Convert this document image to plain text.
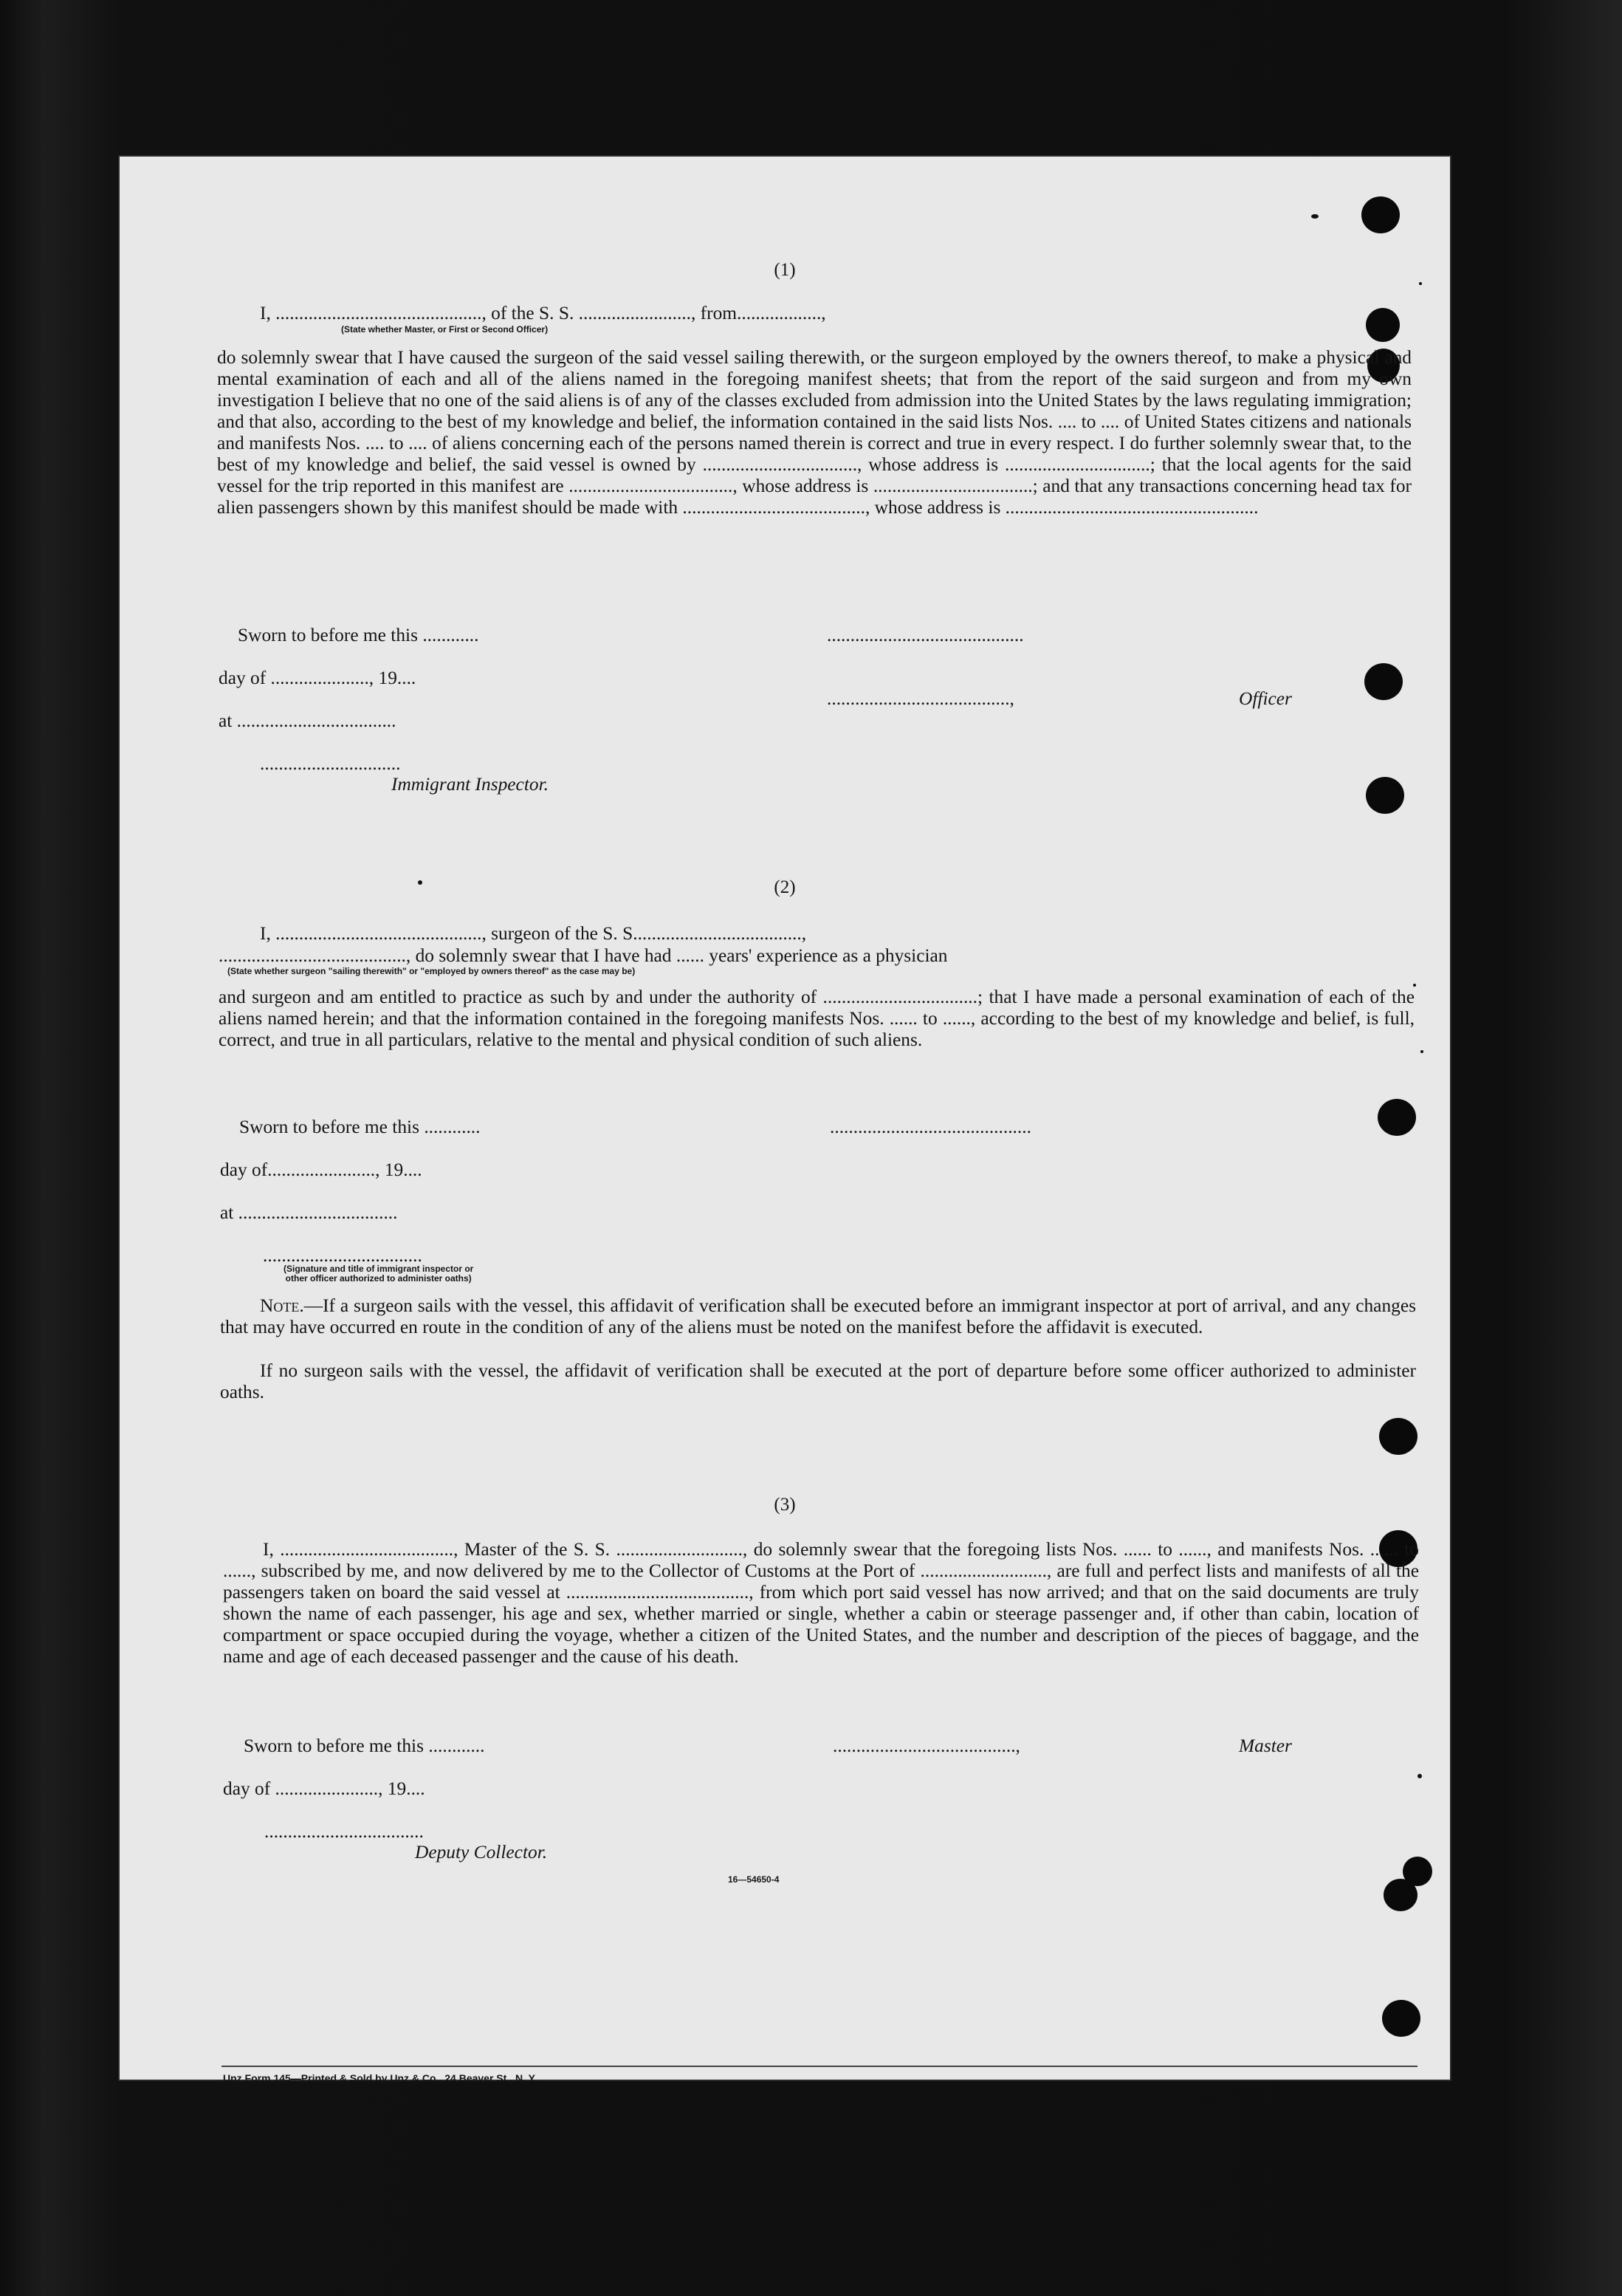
(1)
I, ............................................, of the S. S. ........................, from..................,
(State whether Master, or First or Second Officer)
do solemnly swear that I have caused the surgeon of the said vessel sailing therewith, or the surgeon employed by the owners thereof, to make a physical and mental examination of each and all of the aliens named in the foregoing manifest sheets; that from the report of the said surgeon and from my own investigation I believe that no one of the said aliens is of any of the classes excluded from admission into the United States by the laws regulating immigration; and that also, according to the best of my knowledge and belief, the information contained in the said lists Nos. .... to .... of United States citizens and nationals and manifests Nos. .... to .... of aliens concerning each of the persons named therein is correct and true in every respect. I do further solemnly swear that, to the best of my knowledge and belief, the said vessel is owned by ................................., whose address is ...............................; that the local agents for the said vessel for the trip reported in this manifest are ..................................., whose address is ..................................; and that any transactions concerning head tax for alien passengers shown by this manifest should be made with ......................................., whose address is ......................................................
Sworn to before me this ............	..........................................
day of ....................., 19....
.......................................,	Officer
at ..................................
..............................
Immigrant Inspector.
(2)
I, ............................................, surgeon of the S. S....................................,
........................................, do solemnly swear that I have had ...... years' experience as a physician
(State whether surgeon "sailing therewith" or "employed by owners thereof" as the case may be)
and surgeon and am entitled to practice as such by and under the authority of .................................; that I have made a personal examination of each of the aliens named herein; and that the information contained in the foregoing manifests Nos. ...... to ......, according to the best of my knowledge and belief, is full, correct, and true in all particulars, relative to the mental and physical condition of such aliens.
Sworn to before me this ............	...........................................
day of......................., 19....
at ..................................
..................................
(Signature and title of immigrant inspector or
other officer authorized to administer oaths)
Note.—If a surgeon sails with the vessel, this affidavit of verification shall be executed before an immigrant inspector at port of arrival, and any changes that may have occurred en route in the condition of any of the aliens must be noted on the manifest before the affidavit is executed.
If no surgeon sails with the vessel, the affidavit of verification shall be executed at the port of departure before some officer authorized to administer oaths.
(3)
I, ....................................., Master of the S. S. ..........................., do solemnly swear that the foregoing lists Nos. ...... to ......, and manifests Nos. ...... to ......, subscribed by me, and now delivered by me to the Collector of Customs at the Port of ..........................., are full and perfect lists and manifests of all the passengers taken on board the said vessel at ......................................., from which port said vessel has now arrived; and that on the said documents are truly shown the name of each passenger, his age and sex, whether married or single, whether a cabin or steerage passenger and, if other than cabin, location of compartment or space occupied during the voyage, whether a citizen of the United States, and the number and description of the pieces of baggage, and the name and age of each deceased passenger and the cause of his death.
Sworn to before me this ............	.......................................,	Master
day of ......................, 19....
..................................
Deputy Collector.
16—54650-4
Unz Form 145—Printed & Sold by Unz & Co., 24 Beaver St., N. Y.
